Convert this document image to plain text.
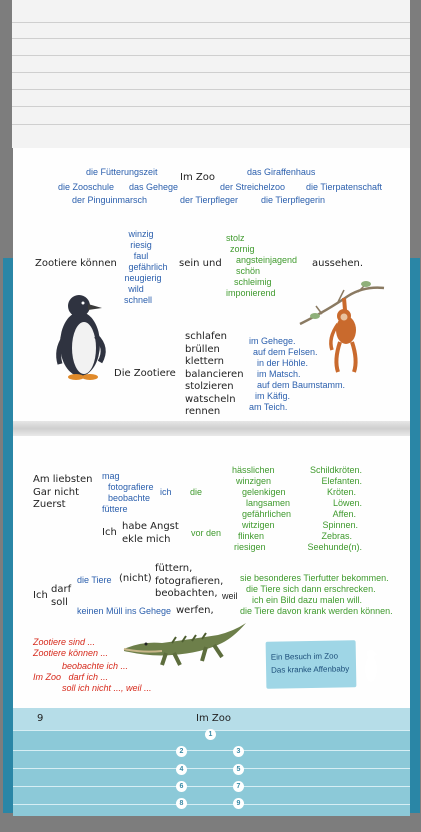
die Fütterungszeit
die Zooschule das Gehege
der Pinguinmarsch	der Tierpfleger
Im Zoo	das Giraffenhaus
der Streichelzoo die Tierpatenschaft
die Tierpflegerin
Zootiere können
winzig
riesig
faul
gefährlich
neugierig
wild
schnell
sein und
stolz
zornig
angsteinjagend
schön
schleimig
imponierend
aussehen.
Die Zootiere
schlafen
brüllen
klettern
balancieren
stolzieren
watscheln
rennen
im Gehege.
auf dem Felsen.
in der Höhle.
im Matsch.
auf dem Baumstamm.
im Käfig.
am Teich.
Am liebsten
Gar nicht
Zuerst
mag
fotografiere
beobachte
füttere
ich die
Ich
habe Angst
ekle mich
vor den
hässlichen
winzigen
gelenkigen
langsamen
gefährlichen
witzigen
flinken
riesigen
Schildkröten.
Elefanten.
Kröten.
Löwen.
Affen.
Spinnen.
Zebras.
Seehunde(n).
Ich
darf
soll
die Tiere (nicht)
füttern,
fotografieren,
beobachten,
keinen Müll ins Gehege werfen,
weil
sie besonderes Tierfutter bekommen.
die Tiere sich dann erschrecken.
ich ein Bild dazu malen will.
die Tiere davon krank werden können.
Zootiere sind ...
Zootiere können ...
beobachte ich ...
Im Zoo   darf ich ...
soll ich nicht ..., weil ...
Ein Besuch im Zoo
Das kranke Affenbaby
9	Im Zoo
1
2	3
4	5
6	7
8	9
